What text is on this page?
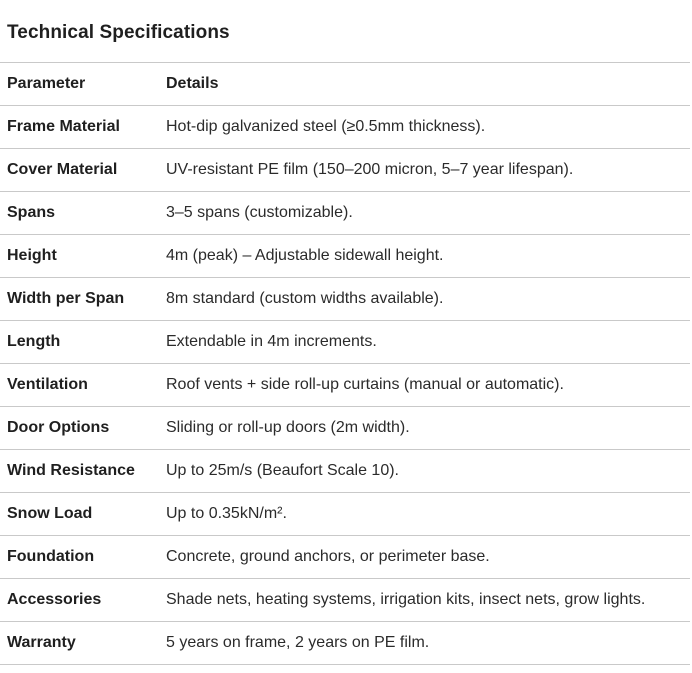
Technical Specifications
Parameter	Details
Frame Material	Hot-dip galvanized steel (≥0.5mm thickness).
Cover Material	UV-resistant PE film (150–200 micron, 5–7 year lifespan).
Spans	3–5 spans (customizable).
Height	4m (peak) – Adjustable sidewall height.
Width per Span	8m standard (custom widths available).
Length	Extendable in 4m increments.
Ventilation	Roof vents + side roll-up curtains (manual or automatic).
Door Options	Sliding or roll-up doors (2m width).
Wind Resistance	Up to 25m/s (Beaufort Scale 10).
Snow Load	Up to 0.35kN/m².
Foundation	Concrete, ground anchors, or perimeter base.
Accessories	Shade nets, heating systems, irrigation kits, insect nets, grow lights.
Warranty	5 years on frame, 2 years on PE film.
